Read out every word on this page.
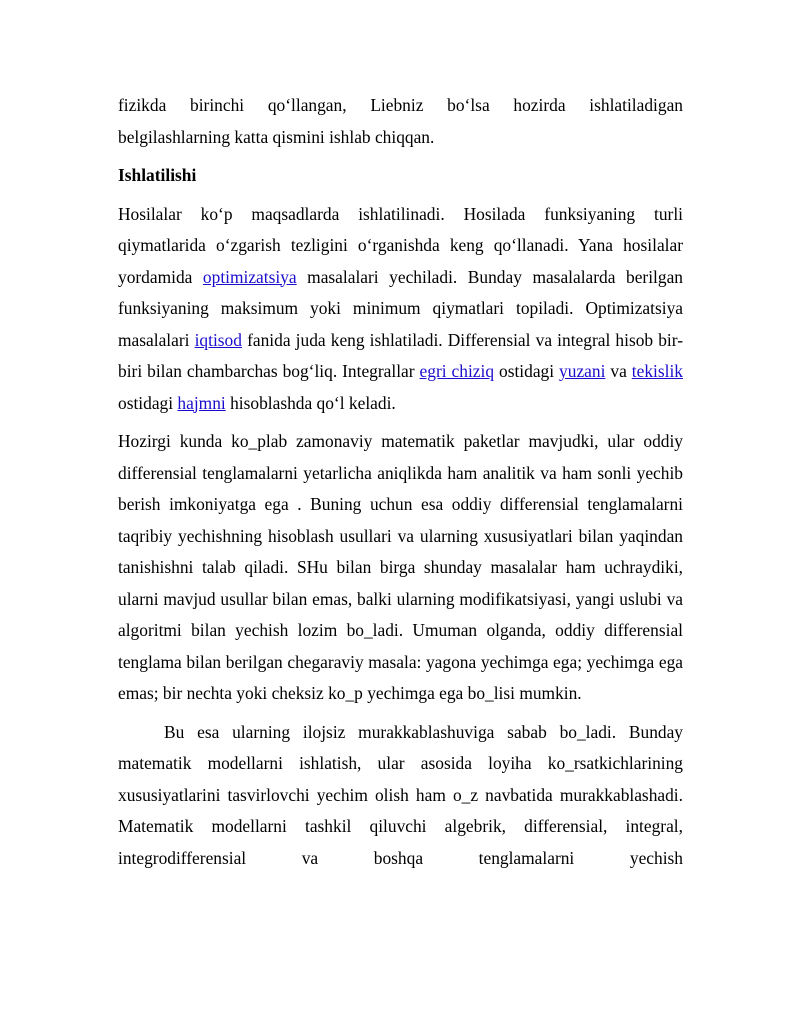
fizikda birinchi qo‘llangan, Liebniz bo‘lsa hozirda ishlatiladigan belgilashlarning katta qismini ishlab chiqqan.

Ishlatilishi

Hosilalar ko‘p maqsadlarda ishlatilinadi. Hosilada funksiyaning turli qiymatlarida o‘zgarish tezligini o‘rganishda keng qo‘llanadi. Yana hosilalar yordamida optimizatsiya masalalari yechiladi. Bunday masalalarda berilgan funksiyaning maksimum yoki minimum qiymatlari topiladi. Optimizatsiya masalalari iqtisod fanida juda keng ishlatiladi. Differensial va integral hisob bir-biri bilan chambarchas bog‘liq. Integrallar egri chiziq ostidagi yuzani va tekislik ostidagi hajmni hisoblashda qo‘l keladi.

Hozirgi kunda ko_plab zamonaviy matematik paketlar mavjudki, ular oddiy differensial tenglamalarni yetarlicha aniqlikda ham analitik va ham sonli yechib berish imkoniyatga ega . Buning uchun esa oddiy differensial tenglamalarni taqribiy yechishning hisoblash usullari va ularning xususiyatlari bilan yaqindan tanishishni talab qiladi. SHu bilan birga shunday masalalar ham uchraydiki, ularni mavjud usullar bilan emas, balki ularning modifikatsiyasi, yangi uslubi va algoritmi bilan yechish lozim bo_ladi. Umuman olganda, oddiy differensial tenglama bilan berilgan chegaraviy masala: yagona yechimga ega; yechimga ega emas; bir nechta yoki cheksiz ko_p yechimga ega bo_lisi mumkin.

Bu esa ularning ilojsiz murakkablashuviga sabab bo_ladi. Bunday matematik modellarni ishlatish, ular asosida loyiha ko_rsatkichlarining xususiyatlarini tasvirlovchi yechim olish ham o_z navbatida murakkablashadi. Matematik modellarni tashkil qiluvchi algebrik, differensial, integral, integrodifferensial va boshqa tenglamalarni yechish
